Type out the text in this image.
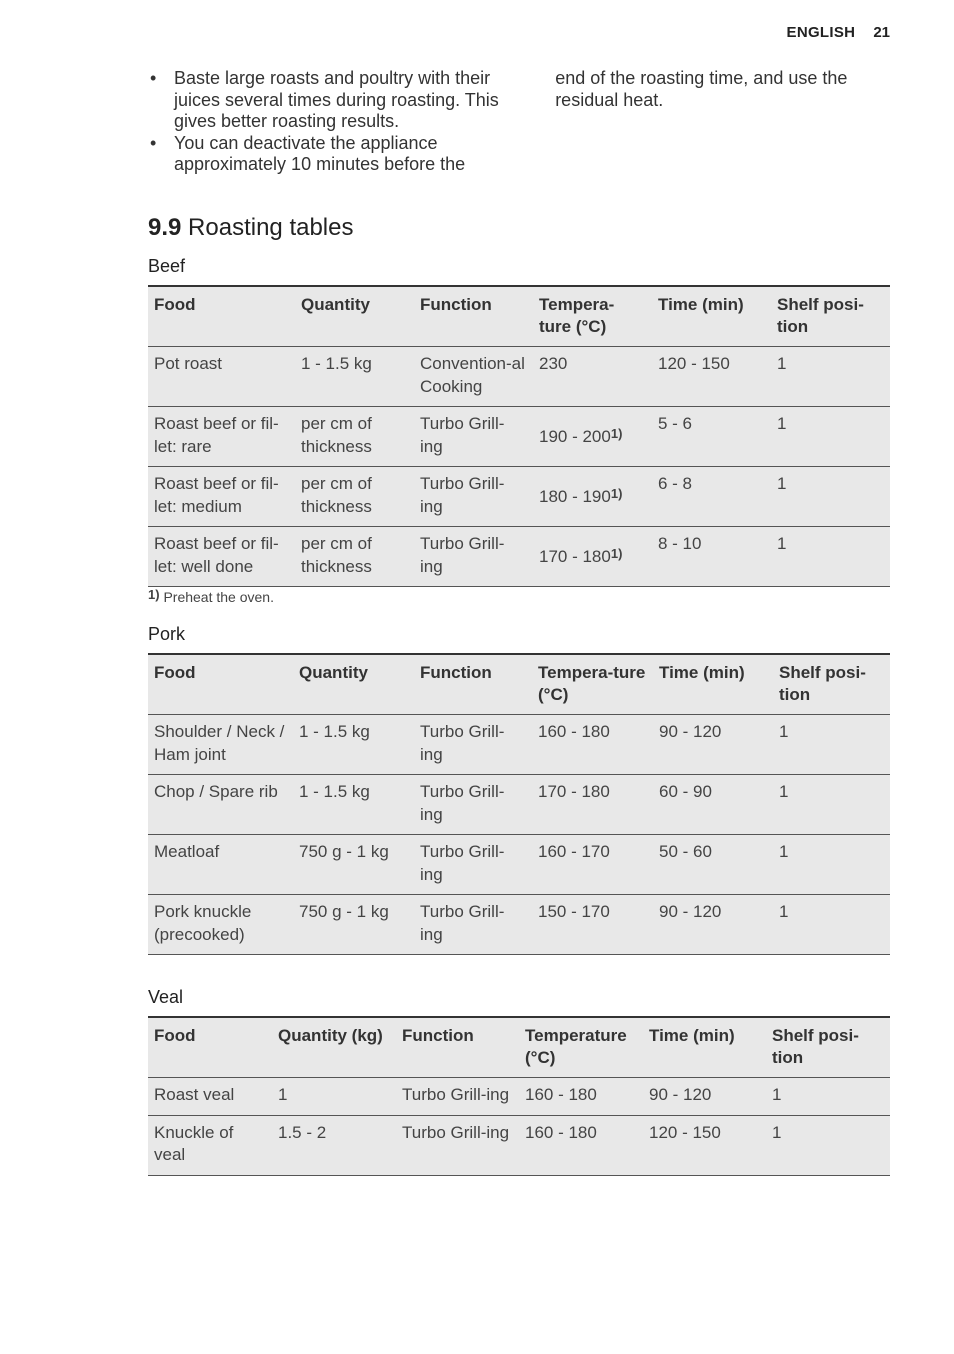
ENGLISH 21
• Baste large roasts and poultry with their juices several times during roasting. This gives better roasting results.
• You can deactivate the appliance approximately 10 minutes before the

end of the roasting time, and use the residual heat.

9.9 Roasting tables

Beef

Food	Quantity	Function	Tempera-ture (°C)	Time (min)	Shelf posi-tion
Pot roast	1 - 1.5 kg	Convention-al Cooking	230	120 - 150	1
Roast beef or fil-let: rare	per cm of thickness	Turbo Grill-ing	190 - 200$^{1)}$	5 - 6	1
Roast beef or fil-let: medium	per cm of thickness	Turbo Grill-ing	180 - 190$^{1)}$	6 - 8	1
Roast beef or fil-let: well done	per cm of thickness	Turbo Grill-ing	170 - 180$^{1)}$	8 - 10	1
1) Preheat the oven.

Pork

Food	Quantity	Function	Tempera-ture (°C)	Time (min)	Shelf posi-tion
Shoulder / Neck / Ham joint	1 - 1.5 kg	Turbo Grill-ing	160 - 180	90 - 120	1
Chop / Spare rib	1 - 1.5 kg	Turbo Grill-ing	170 - 180	60 - 90	1
Meatloaf	750 g - 1 kg	Turbo Grill-ing	160 - 170	50 - 60	1
Pork knuckle (precooked)	750 g - 1 kg	Turbo Grill-ing	150 - 170	90 - 120	1

Veal

Food	Quantity (kg)	Function	Temperature (°C)	Time (min)	Shelf posi-tion
Roast veal	1	Turbo Grill-ing	160 - 180	90 - 120	1
Knuckle of veal	1.5 - 2	Turbo Grill-ing	160 - 180	120 - 150	1
